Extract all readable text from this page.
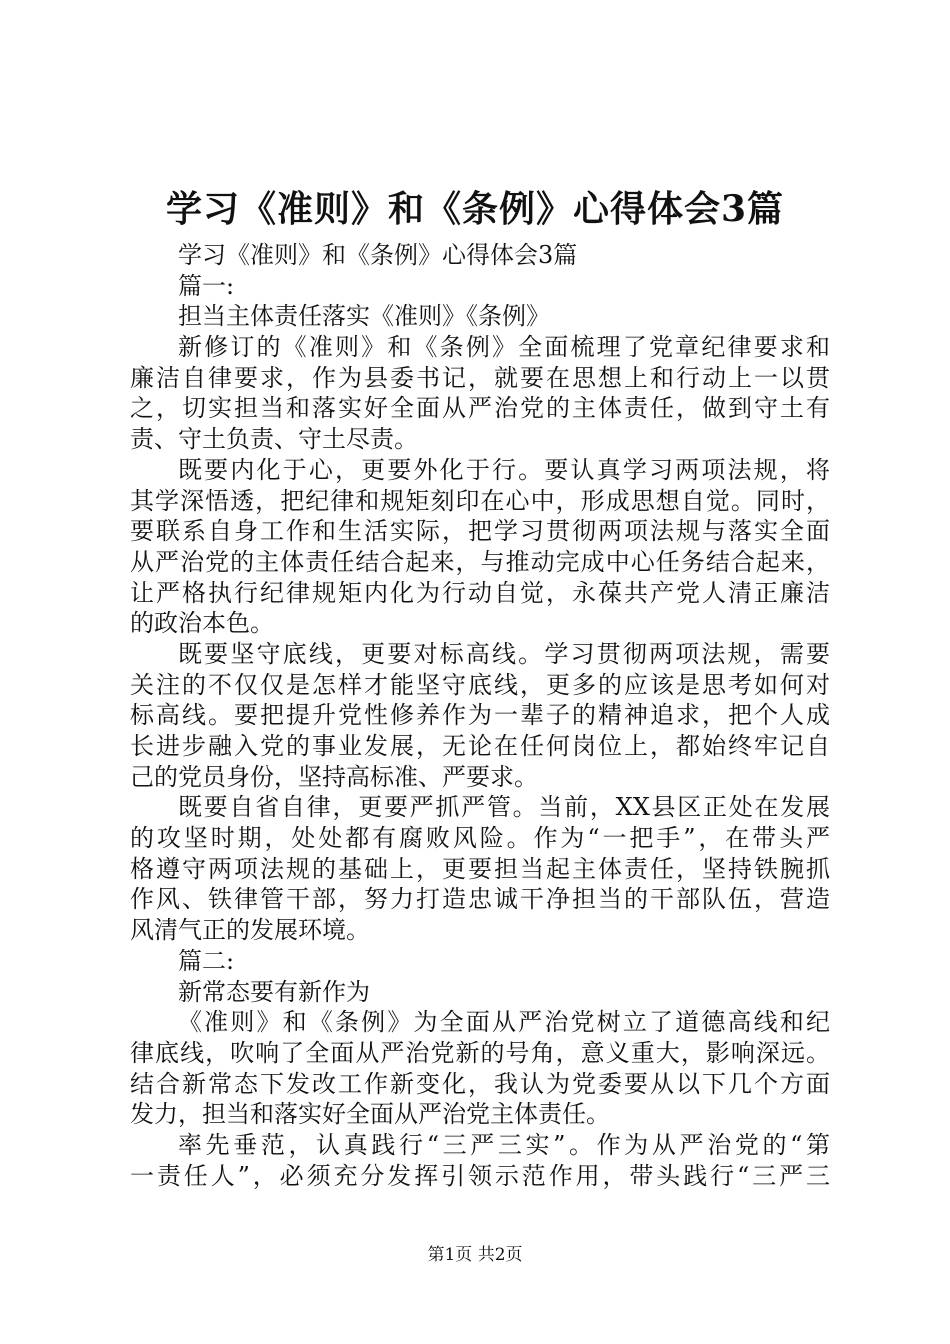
学习《准则》和《条例》心得体会3篇
学习《准则》和《条例》心得体会3篇
篇一:
担当主体责任落实《准则》《条例》
新修订的《准则》和《条例》全面梳理了党章纪律要求和
廉洁自律要求，作为县委书记，就要在思想上和行动上一以贯
之，切实担当和落实好全面从严治党的主体责任，做到守土有
责、守土负责、守土尽责。
既要内化于心，更要外化于行。要认真学习两项法规，将
其学深悟透，把纪律和规矩刻印在心中，形成思想自觉。同时，
要联系自身工作和生活实际，把学习贯彻两项法规与落实全面
从严治党的主体责任结合起来，与推动完成中心任务结合起来，
让严格执行纪律规矩内化为行动自觉，永葆共产党人清正廉洁
的政治本色。
既要坚守底线，更要对标高线。学习贯彻两项法规，需要
关注的不仅仅是怎样才能坚守底线，更多的应该是思考如何对
标高线。要把提升党性修养作为一辈子的精神追求，把个人成
长进步融入党的事业发展，无论在任何岗位上，都始终牢记自
己的党员身份，坚持高标准、严要求。
既要自省自律，更要严抓严管。当前，XX县区正处在发展
的攻坚时期，处处都有腐败风险。作为“一把手”，在带头严
格遵守两项法规的基础上，更要担当起主体责任，坚持铁腕抓
作风、铁律管干部，努力打造忠诚干净担当的干部队伍，营造
风清气正的发展环境。
篇二:
新常态要有新作为
《准则》和《条例》为全面从严治党树立了道德高线和纪
律底线，吹响了全面从严治党新的号角，意义重大，影响深远。
结合新常态下发改工作新变化，我认为党委要从以下几个方面
发力，担当和落实好全面从严治党主体责任。
率先垂范，认真践行“三严三实”。作为从严治党的“第
一责任人”，必须充分发挥引领示范作用，带头践行“三严三
第1页 共2页
